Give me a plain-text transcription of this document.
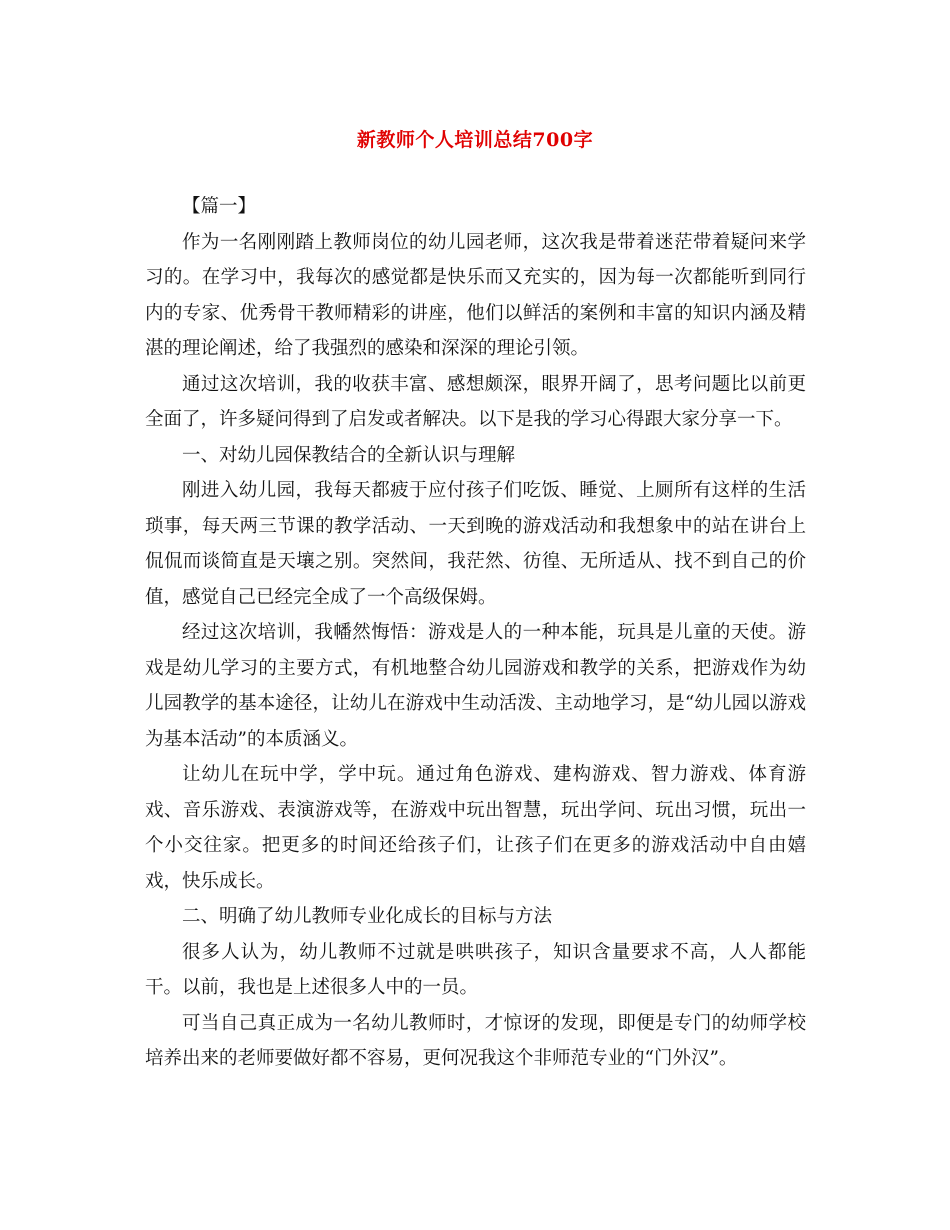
新教师个人培训总结700字

【篇一】

作为一名刚刚踏上教师岗位的幼儿园老师，这次我是带着迷茫带着疑问来学习的。在学习中，我每次的感觉都是快乐而又充实的，因为每一次都能听到同行内的专家、优秀骨干教师精彩的讲座，他们以鲜活的案例和丰富的知识内涵及精湛的理论阐述，给了我强烈的感染和深深的理论引领。

通过这次培训，我的收获丰富、感想颇深，眼界开阔了，思考问题比以前更全面了，许多疑问得到了启发或者解决。以下是我的学习心得跟大家分享一下。

一、对幼儿园保教结合的全新认识与理解

刚进入幼儿园，我每天都疲于应付孩子们吃饭、睡觉、上厕所有这样的生活琐事，每天两三节课的教学活动、一天到晚的游戏活动和我想象中的站在讲台上侃侃而谈简直是天壤之别。突然间，我茫然、彷徨、无所适从、找不到自己的价值，感觉自己已经完全成了一个高级保姆。

经过这次培训，我幡然悔悟：游戏是人的一种本能，玩具是儿童的天使。游戏是幼儿学习的主要方式，有机地整合幼儿园游戏和教学的关系，把游戏作为幼儿园教学的基本途径，让幼儿在游戏中生动活泼、主动地学习，是“幼儿园以游戏为基本活动”的本质涵义。

让幼儿在玩中学，学中玩。通过角色游戏、建构游戏、智力游戏、体育游戏、音乐游戏、表演游戏等，在游戏中玩出智慧，玩出学问、玩出习惯，玩出一个小交往家。把更多的时间还给孩子们，让孩子们在更多的游戏活动中自由嬉戏，快乐成长。

二、明确了幼儿教师专业化成长的目标与方法

很多人认为，幼儿教师不过就是哄哄孩子，知识含量要求不高，人人都能干。以前，我也是上述很多人中的一员。

可当自己真正成为一名幼儿教师时，才惊讶的发现，即便是专门的幼师学校培养出来的老师要做好都不容易，更何况我这个非师范专业的“门外汉”。
